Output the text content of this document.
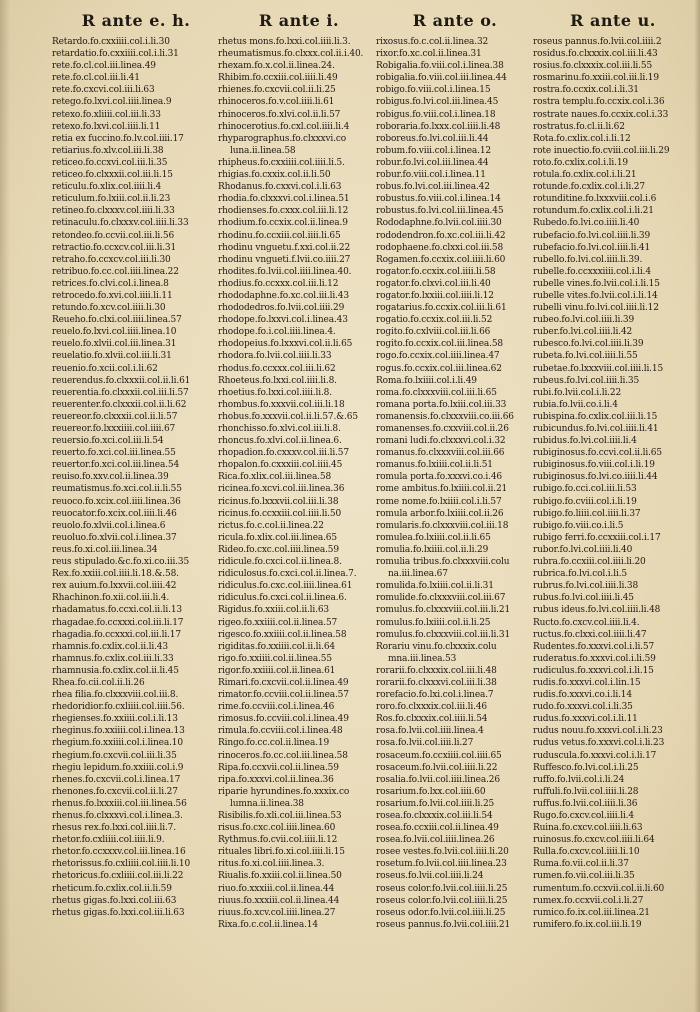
R ante e. h.
Retardo.fo.cxxiiii.col.i.li.30
retardatio.fo.cxxiiii.col.i.li.31
rete.fo.cl.col.iii.linea.49
rete.fo.cl.col.iii.li.41
rete.fo.cxcvi.col.iii.li.63
retego.fo.lxvi.col.iiii.linea.9
retexo.fo.xliiii.col.iii.li.33
retexo.fo.lxvi.col.iiii.li.11
retia ex fuccino.fo.lv.col.iiii.17
retiarius.fo.xlv.col.iii.li.38
reticeo.fo.ccxvi.col.iii.li.35
reticeo.fo.clxxxii.col.iii.li.15
reticulu.fo.xlix.col.iiii.li.4
reticulum.fo.lxiii.col.ii.li.23
retineo.fo.clxxxv.col.iiii.li.33
retinaculu.fo.clxxxv.col.iiii.li.33
retondeo.fo.ccvii.col.iii.li.56
retractio.fo.ccxcv.col.iii.li.31
retraho.fo.ccxcv.col.iii.li.30
retribuo.fo.cc.col.iiii.linea.22
retrices.fo.clvi.col.i.linea.8
retrocedo.fo.xvi.col.iiii.li.11
retundo.fo.xcv.col.iiii.li.30
Reueho.fo.clxi.col.iiii.linea.57
reuelo.fo.lxvi.col.iiii.linea.10
reuelo.fo.xlvii.col.iii.linea.31
reuelatio.fo.xlvii.col.iii.li.31
reuenio.fo.xcii.col.i.li.62
reuerendus.fo.clxxxii.col.ii.li.61
reuerentia.fo.clxxxii.col.iii.li.57
reuerenter.fo.clxxxii.col.ii.li.62
reuereor.fo.clxxxii.col.ii.li.57
reuereor.fo.lxxxiiii.col.iiii.67
reuersio.fo.xci.col.iii.li.54
reuerto.fo.xci.col.iii.linea.55
reuertor.fo.xci.col.iii.linea.54
reuiso.fo.xxv.col.ii.linea.39
reumatismus.fo.xci.col.ii.li.55
reuoco.fo.xcix.col.iiii.linea.36
reuocator.fo.xcix.col.iiii.li.46
reuolo.fo.xlvii.col.i.linea.6
reuoluo.fo.xlvii.col.i.linea.37
reus.fo.xi.col.iii.linea.34
reus stipulado.&c.fo.xi.co.iii.35
Rex.fo.xxiii.col.iiii.li.18.&.58.
rex auium.fo.lxxvii.col.iiii.42
Rhachinon.fo.xii.col.iii.li.4.
rhadamatus.fo.ccxi.col.ii.li.13
rhagadae.fo.ccxxxi.col.iii.li.17
rhagadia.fo.ccxxxi.col.iii.li.17
rhamnis.fo.cxlix.col.ii.li.43
rhamnus.fo.cxlix.col.iii.li.33
rhamnusia.fo.cxlix.col.ii.li.45
Rhea.fo.cii.col.ii.li.26
rhea filia.fo.clxxxviii.col.iii.8.
rhedoridior.fo.cxliiii.col.iiii.56.
rhegienses.fo.xxiiii.col.i.li.13
rheginus.fo.xxiiii.col.i.linea.13
rhegium.fo.xxiiii.col.i.linea.10
rhegium.fo.cxcvii.col.iii.li.35
rhegiu lepidum.fo.xxiiii.col.i.9
rhenes.fo.cxcvii.col.i.linea.17
rhenones.fo.cxcvii.col.ii.li.27
rhenus.fo.lxxxiii.col.iii.linea.56
rhenus.fo.clxxxvi.col.i.linea.3.
rhesus rex.fo.lxxi.col.iiii.li.7.
rhetor.fo.cxliiii.col.iiii.li.9.
rhetor.fo.ccxxxv.col.iii.linea.16
rhetorissus.fo.cxliiii.col.iiii.li.10
rhetoricus.fo.cxliiii.col.iii.li.22
rheticum.fo.cxlix.col.ii.li.59
rhetus gigas.fo.lxxi.col.iii.63
rhetus gigas.fo.lxxi.col.iii.li.63
R ante i.
rhetus mons.fo.lxxi.col.iiii.li.3.
rheumatismus.fo.clxxx.col.ii.i.40.
rhexam.fo.x.col.ii.linea.24.
Rhibim.fo.ccxiii.col.iiii.li.49
rhienes.fo.cxcvii.col.ii.li.25
rhinoceros.fo.v.col.iiii.li.61
rhinoceros.fo.xlvi.col.ii.li.57
rhinocerotius.fo.cxl.col.iiii.li.4
rhyparographus.fo.clxxxvi.co
luna.ii.linea.58
rhipheus.fo.cxxiiii.col.iiii.li.5.
rhigias.fo.cxxix.col.ii.li.50
Rhodanus.fo.cxxvi.col.i.li.63
rhodia.fo.clxxxvi.col.i.linea.51
rhodienses.fo.cxxx.col.iii.li.12
rhodium.fo.ccxix.col.ii.linea.9
rhodinu.fo.ccxiii.col.iiii.li.65
rhodinu vnguetu.f.xxi.col.ii.22
rhodinu vngueti.f.lvii.co.iiii.27
rhodites.fo.lvii.col.iiii.linea.40.
rhodius.fo.ccxxx.col.iii.li.12
rhododaphne.fo.xc.col.iii.li.43
rhododedros.fo.lvii.col.iiii.29
rhodope.fo.lxxvi.col.i.linea.43
rhodope.fo.i.col.iiii.linea.4.
rhodopeius.fo.lxxxvi.col.ii.li.65
rhodora.fo.lvii.col.iiii.li.33
rhodus.fo.ccxxx.col.iii.li.62
Rhoeteus.fo.lxxi.col.iiii.li.8.
rhoetius.fo.lxxi.col.iiii.li.8.
rhombus.fo.xxxvii.col.iii.li.18
rhobus.fo.xxxvii.col.ii.li.57.&.65
rhonchisso.fo.xlvi.col.iii.li.8.
rhoncus.fo.xlvi.col.ii.linea.6.
rhopadion.fo.cxxxv.col.iii.li.57
rhopalon.fo.cxxxiii.col.iiii.45
Rica.fo.xlix.col.iii.linea.58
ricinea.fo.xcvi.col.iii.linea.36
ricinus.fo.lxxxvii.col.iii.li.38
ricinus.fo.ccxxiii.col.iiii.li.50
rictus.fo.c.col.ii.linea.22
ricula.fo.xlix.col.iii.linea.65
Rideo.fo.cxc.col.iiii.linea.59
ridicule.fo.cxci.col.ii.linea.8.
ridiculosus.fo.cxci.col.ii.linea.7.
ridiculus.fo.cxc.col.iiii.linea.61
ridiculus.fo.cxci.col.ii.linea.6.
Rigidus.fo.xxiii.col.ii.li.63
rigeo.fo.xxiiii.col.ii.linea.57
rigesco.fo.xxiiii.col.ii.linea.58
rigiditas.fo.xxiiii.col.ii.li.64
rigo.fo.xxiiii.col.ii.linea.55
rigor.fo.xxiiii.col.ii.linea.61
Rimari.fo.cxcvii.col.ii.linea.49
rimator.fo.ccviii.col.ii.linea.57
rime.fo.ccviii.col.i.linea.46
rimosus.fo.ccviii.col.i.linea.49
rimula.fo.ccviii.col.i.linea.48
Ringo.fo.cc.col.ii.linea.19
rinoceros.fo.cc.col.iii.linea.58
Ripa.fo.ccxvii.col.ii.linea.59
ripa.fo.xxxvi.col.ii.linea.36
riparie hyrundines.fo.xxxix.co
lumna.ii.linea.38
Risibilis.fo.xli.col.iii.linea.53
risus.fo.cxc.col.iiii.linea.60
Rythmus.fo.cvii.col.iiii.li.12
rituales libri.fo.xi.col.iiii.li.15
ritus.fo.xi.col.iiii.linea.3.
Riualis.fo.xxiii.col.ii.linea.50
riuo.fo.xxxiii.col.ii.linea.44
riuus.fo.xxxiii.col.ii.linea.44
riuus.fo.xcv.col.iiii.linea.27
Rixa.fo.c.col.ii.linea.14
R ante o.
rixosus.fo.c.col.ii.linea.32
rixor.fo.xc.col.ii.linea.31
Robigalia.fo.viii.col.i.linea.38
robigalia.fo.viii.col.iii.linea.44
robigo.fo.viii.col.i.linea.15
robigus.fo.lvi.col.iii.linea.45
robigus.fo.viii.col.i.linea.18
roboraria.fo.lxxx.col.iiii.li.48
roboreus.fo.lvi.col.iii.li.44
robum.fo.viii.col.i.linea.12
robur.fo.lvi.col.iii.linea.44
robur.fo.viii.col.i.linea.11
robus.fo.lvi.col.iii.linea.42
robustus.fo.viii.col.i.linea.14
robustus.fo.lvi.col.iii.linea.45
Rododaphne.fo.lvii.col.iiii.30
rododendron.fo.xc.col.iii.li.42
rodophaene.fo.clxxi.col.iii.58
Rogamen.fo.ccxix.col.iiii.li.60
rogator.fo.ccxix.col.iiii.li.58
rogator.fo.clxvi.col.iii.li.40
rogator.fo.lxxiii.col.iiii.li.12
rogatarius.fo.ccxix.col.iii.li.61
rogatio.fo.ccxix.col.iii.li.52
rogito.fo.cxlviii.col.iii.li.66
rogito.fo.ccxix.col.iii.linea.58
rogo.fo.ccxix.col.iiii.linea.47
rogus.fo.ccxix.col.iii.linea.62
Roma.fo.lxiiii.col.i.li.49
roma.fo.clxxxviii.col.iii.li.65
romana porta.fo.lxiii.col.iii.33
romanensis.fo.clxxxviii.co.iii.66
romanenses.fo.cxxviii.col.ii.26
romani ludi.fo.clxxxvi.col.i.32
romanus.fo.clxxxviii.col.iii.66
romanus.fo.lxiiii.col.ii.li.51
romula porta.fo.xxxvi.co.i.46
rome ambitus.fo.lxiiii.col.ii.21
rome nome.fo.lxiiii.col.i.li.57
romula arbor.fo.lxiiii.col.ii.26
romularis.fo.clxxxviii.col.iii.18
romulea.fo.lxiiii.col.ii.li.65
romulia.fo.lxiiii.col.ii.li.29
romulia tribus.fo.clxxxviii.colu
na.iii.linea.67
romulida.fo.lxiiii.col.ii.li.31
romulide.fo.clxxxviii.col.iii.67
romulus.fo.clxxxviii.col.iii.li.21
romulus.fo.lxiiii.col.ii.li.25
romulus.fo.clxxxviii.col.iii.li.31
Rorariu vinu.fo.clxxxix.colu
mna.iii.linea.53
rorarii.fo.clxxxix.col.iii.li.48
rorarii.fo.clxxxvi.col.iii.li.38
rorefacio.fo.lxi.col.i.linea.7
roro.fo.clxxxix.col.iii.li.46
Ros.fo.clxxxix.col.iiii.li.54
rosa.fo.lvii.col.iiii.linea.4
rosa.fo.lvii.col.iiii.li.27
rosaceum.fo.ccxiiii.col.iiii.65
rosaceum.fo.lvii.col.iiii.li.22
rosalia.fo.lvii.col.iiii.linea.26
rosarium.fo.lxx.col.iiii.60
rosarium.fo.lvii.col.iiii.li.25
rosea.fo.clxxxix.col.iii.li.54
rosea.fo.ccxiii.col.ii.linea.49
rosea.fo.lvii.col.iiii.linea.26
rosee vestes.fo.lvii.col.iiii.li.20
rosetum.fo.lvii.col.iiii.linea.23
roseus.fo.lvii.col.iiii.li.24
roseus color.fo.lvii.col.iiii.li.25
roseus color.fo.lvii.col.iiii.li.25
roseus odor.fo.lvii.col.iiii.li.25
roseus pannus.fo.lvii.col.iiii.21
R ante u.
roseus pannus.fo.lvii.col.iiii.2
rosidus.fo.clxxxix.col.iii.li.43
rosius.fo.clxxxix.col.iii.li.55
rosmarinu.fo.xxiii.col.iii.li.19
rostra.fo.ccxix.col.i.li.31
rostra templu.fo.ccxix.col.i.36
rostrate naues.fo.ccxix.col.i.33
rostratus.fo.cl.ii.li.62
Rota.fo.cxlix.col.i.li.12
rote inuectio.fo.cviii.col.iii.li.29
roto.fo.cxlix.col.i.li.19
rotula.fo.cxlix.col.i.li.21
rotunde.fo.cxlix.col.i.li.27
rotunditine.fo.lxxxviii.col.i.6
rotundum.fo.cxlix.col.i.li.21
Rubedo.fo.lvi.co.iiii.li.40
rubefacio.fo.lvi.col.iiii.li.39
rubefacio.fo.lvi.col.iiii.li.41
rubello.fo.lvi.col.iiii.li.39.
rubelle.fo.ccxxxiiii.col.i.li.4
rubelle vines.fo.lvii.col.i.li.15
rubelle vites.fo.lvii.col.i.li.14
rubelli vinu.fo.lvi.col.iiii.li.12
rubeo.fo.lvi.col.iiii.li.39
ruber.fo.lvi.col.iiii.li.42
rubesco.fo.lvi.col.iiii.li.39
rubeta.fo.lvi.col.iiii.li.55
rubetae.fo.lxxxviii.col.iiii.li.15
rubeus.fo.lvi.col.iiii.li.35
rubi.fo.lvii.col.i.li.22
rubia.fo.lvii.co.i.li.4
rubispina.fo.cxlix.col.iii.li.15
rubicundus.fo.lvi.col.iiii.li.41
rubidus.fo.lvi.col.iiii.li.4
rubiginosus.fo.ccvi.col.ii.li.65
rubiginosus.fo.viii.col.i.li.19
rubiginosus.fo.lvi.co.iiii.li.44
rubigo.fo.cci.col.iii.li.53
rubigo.fo.cviii.col.i.li.19
rubigo.fo.liiii.col.iiii.li.37
rubigo.fo.viii.co.i.li.5
rubigo ferri.fo.ccxxiii.col.i.17
rubor.fo.lvi.col.iiii.li.40
rubra.fo.ccxiii.col.iiii.li.20
rubrica.fo.lvi.col.i.li.5
rubrus.fo.lvi.col.iiii.li.38
rubus.fo.lvi.col.iiii.li.45
rubus ideus.fo.lvi.col.iiii.li.48
Ructo.fo.cxcv.col.iiii.li.4.
ructus.fo.clxxi.col.iiii.li.47
Rudentes.fo.xxxvi.col.i.li.57
ruderatus.fo.xxxvi.col.i.li.59
rudiculus.fo.xxxvi.col.i.li.15
rudis.fo.xxxvi.col.i.lin.15
rudis.fo.xxxvi.co.i.li.14
rudo.fo.xxxvi.col.i.li.35
rudus.fo.xxxvi.col.i.li.11
rudus nouu.fo.xxxvi.col.i.li.23
rudus vetus.fo.xxxvi.col.i.li.23
ruduscula.fo.xxxvi.col.i.li.17
Ruffesco.fo.lvi.col.i.li.25
ruffo.fo.lvii.col.i.li.24
ruffuli.fo.lvii.col.iiii.li.28
ruffus.fo.lvii.col.iiii.li.36
Rugo.fo.cxcv.col.iiii.li.4
Ruina.fo.cxcv.col.iiii.li.63
ruinosus.fo.cxcv.col.iiii.li.64
Rulla.fo.cxcv.col.iiii.li.10
Ruma.fo.vii.col.ii.li.37
rumen.fo.vii.col.iii.li.35
rumentum.fo.ccxvii.col.ii.li.60
rumex.fo.ccxvii.col.i.li.27
rumico.fo.ix.col.iii.linea.21
rumifero.fo.ix.col.iii.li.19
